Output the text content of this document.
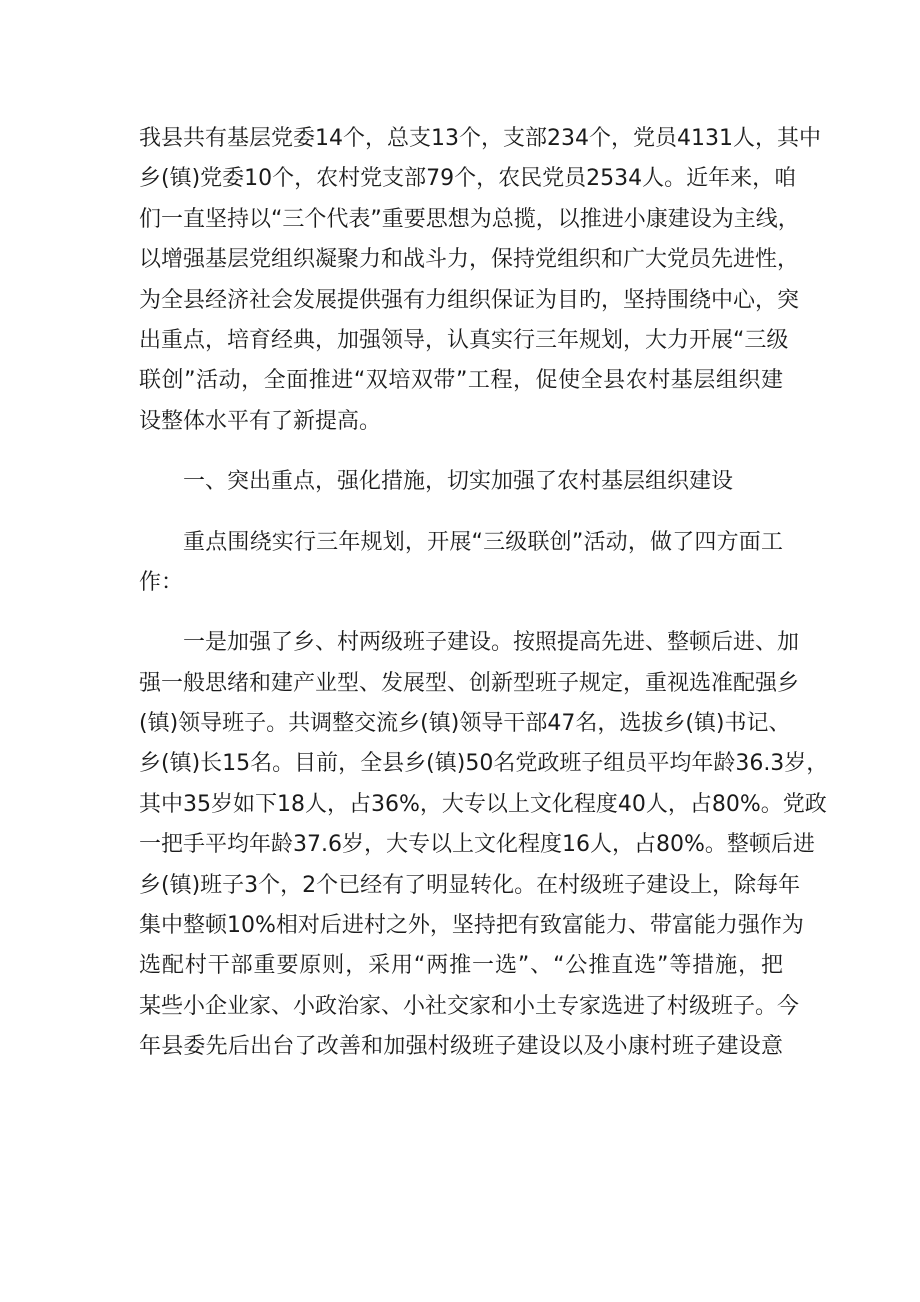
我县共有基层党委14个，总支13个，支部234个，党员4131人，其中
乡(镇)党委10个，农村党支部79个，农民党员2534人。近年来，咱
们一直坚持以“三个代表”重要思想为总揽，以推进小康建设为主线，
以增强基层党组织凝聚力和战斗力，保持党组织和广大党员先进性，
为全县经济社会发展提供强有力组织保证为目旳，坚持围绕中心，突
出重点，培育经典，加强领导，认真实行三年规划，大力开展“三级
联创”活动，全面推进“双培双带”工程，促使全县农村基层组织建
设整体水平有了新提高。
一、突出重点，强化措施，切实加强了农村基层组织建设
重点围绕实行三年规划，开展“三级联创”活动，做了四方面工
作：
一是加强了乡、村两级班子建设。按照提高先进、整顿后进、加
强一般思绪和建产业型、发展型、创新型班子规定，重视选准配强乡
(镇)领导班子。共调整交流乡(镇)领导干部47名，选拔乡(镇)书记、
乡(镇)长15名。目前，全县乡(镇)50名党政班子组员平均年龄36.3岁，
其中35岁如下18人，占36%，大专以上文化程度40人，占80%。党政
一把手平均年龄37.6岁，大专以上文化程度16人，占80%。整顿后进
乡(镇)班子3个，2个已经有了明显转化。在村级班子建设上，除每年
集中整顿10%相对后进村之外，坚持把有致富能力、带富能力强作为
选配村干部重要原则，采用“两推一选”、“公推直选”等措施，把
某些小企业家、小政治家、小社交家和小土专家选进了村级班子。今
年县委先后出台了改善和加强村级班子建设以及小康村班子建设意
